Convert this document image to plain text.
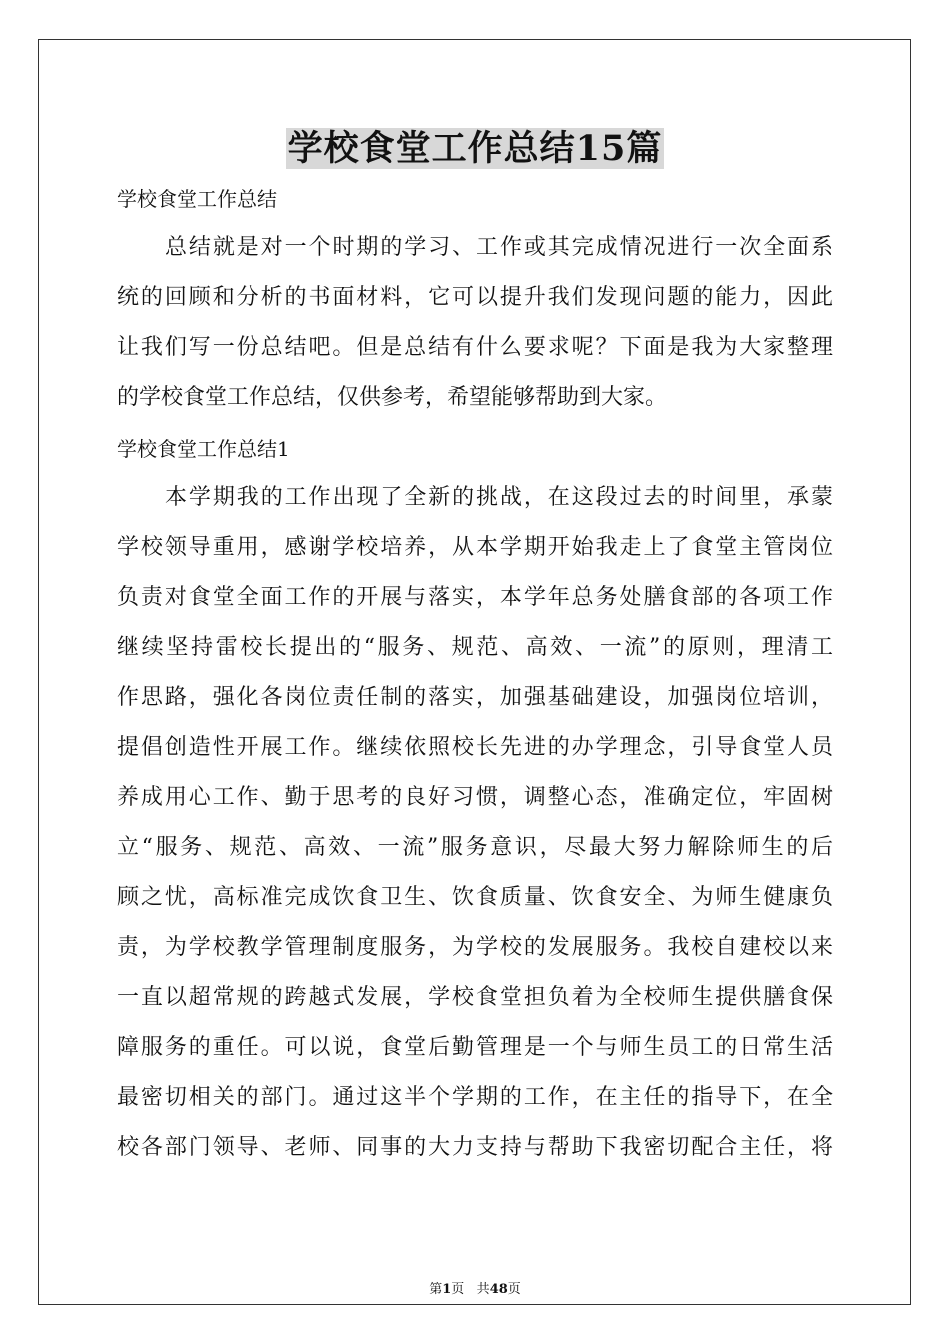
学校食堂工作总结15篇
学校食堂工作总结
总结就是对一个时期的学习、工作或其完成情况进行一次全面系
统的回顾和分析的书面材料，它可以提升我们发现问题的能力，因此
让我们写一份总结吧。但是总结有什么要求呢？下面是我为大家整理
的学校食堂工作总结，仅供参考，希望能够帮助到大家。
学校食堂工作总结1
本学期我的工作出现了全新的挑战，在这段过去的时间里，承蒙
学校领导重用，感谢学校培养，从本学期开始我走上了食堂主管岗位
负责对食堂全面工作的开展与落实，本学年总务处膳食部的各项工作
继续坚持雷校长提出的“服务、规范、高效、一流”的原则，理清工
作思路，强化各岗位责任制的落实，加强基础建设，加强岗位培训，
提倡创造性开展工作。继续依照校长先进的办学理念，引导食堂人员
养成用心工作、勤于思考的良好习惯，调整心态，准确定位，牢固树
立“服务、规范、高效、一流”服务意识，尽最大努力解除师生的后
顾之忧，高标准完成饮食卫生、饮食质量、饮食安全、为师生健康负
责，为学校教学管理制度服务，为学校的发展服务。我校自建校以来
一直以超常规的跨越式发展，学校食堂担负着为全校师生提供膳食保
障服务的重任。可以说，食堂后勤管理是一个与师生员工的日常生活
最密切相关的部门。通过这半个学期的工作，在主任的指导下，在全
校各部门领导、老师、同事的大力支持与帮助下我密切配合主任，将
第1页 共48页
